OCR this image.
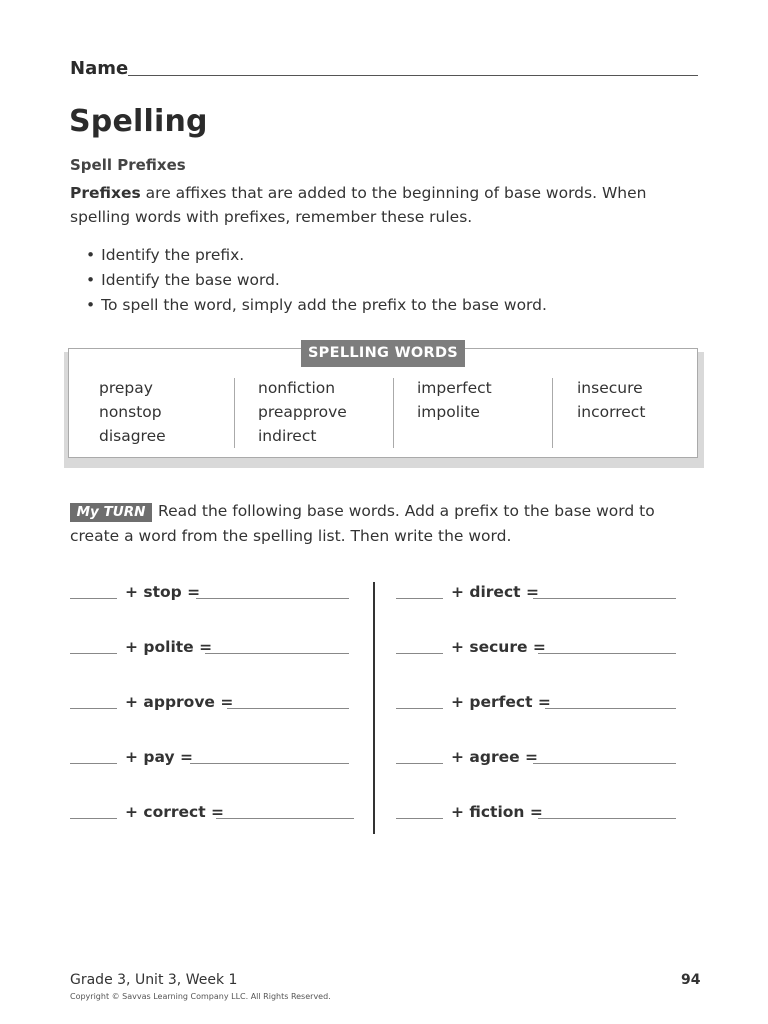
Name
Spelling
Spell Prefixes
Prefixes are affixes that are added to the beginning of base words. When spelling words with prefixes, remember these rules.
• Identify the prefix.
• Identify the base word.
• To spell the word, simply add the prefix to the base word.
SPELLING WORDS
prepay
nonstop
disagree
nonfiction
preapprove
indirect
imperfect
impolite
insecure
incorrect
Read the following base words. Add a prefix to the base word to create a word from the spelling list. Then write the word.
My TURN
+ stop =
+ polite =
+ approve =
+ pay =
+ correct =
+ direct =
+ secure =
+ perfect =
+ agree =
+ fiction =
Grade 3, Unit 3, Week 1
Copyright © Savvas Learning Company LLC. All Rights Reserved.
94
